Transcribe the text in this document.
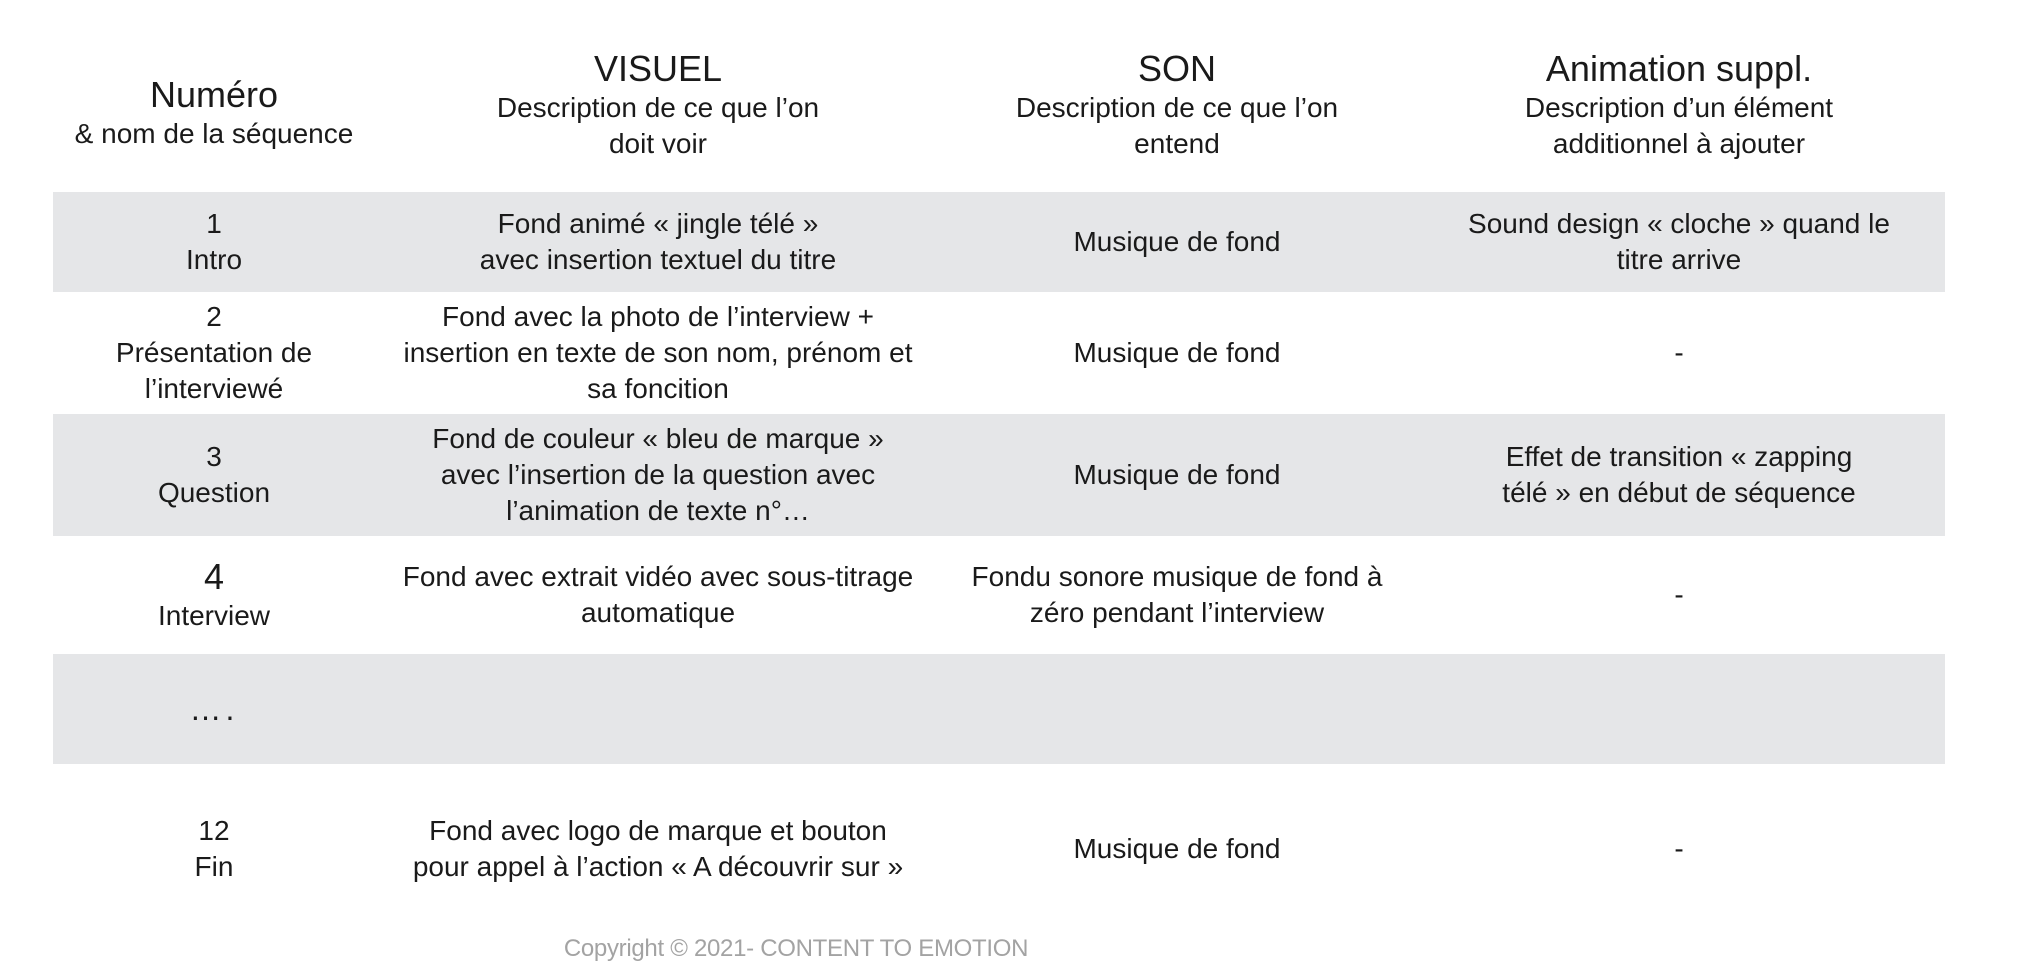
Numéro
& nom de la séquence
VISUEL
Description de ce que l’on
doit voir
SON
Description de ce que l’on
entend
Animation suppl.
Description d’un élément
additionnel à ajouter
1
Intro
Fond animé « jingle télé »
avec insertion textuel du titre
Musique de fond
Sound design « cloche » quand le
titre arrive
2
Présentation de
l’interviewé
Fond avec la photo de l’interview +
insertion en texte de son nom, prénom et
sa foncition
Musique de fond	-
3
Question
Fond de couleur « bleu de marque »
avec l’insertion de la question avec
l’animation de texte n°…
Musique de fond
Effet de transition « zapping
télé » en début de séquence
4
Interview
Fond avec extrait vidéo avec sous-titrage
automatique
Fondu sonore musique de fond à
zéro pendant l’interview
-
….
12
Fin
Fond avec logo de marque et bouton
pour appel à l’action « A découvrir sur »
Musique de fond	-
Copyright © 2021- CONTENT TO EMOTION
